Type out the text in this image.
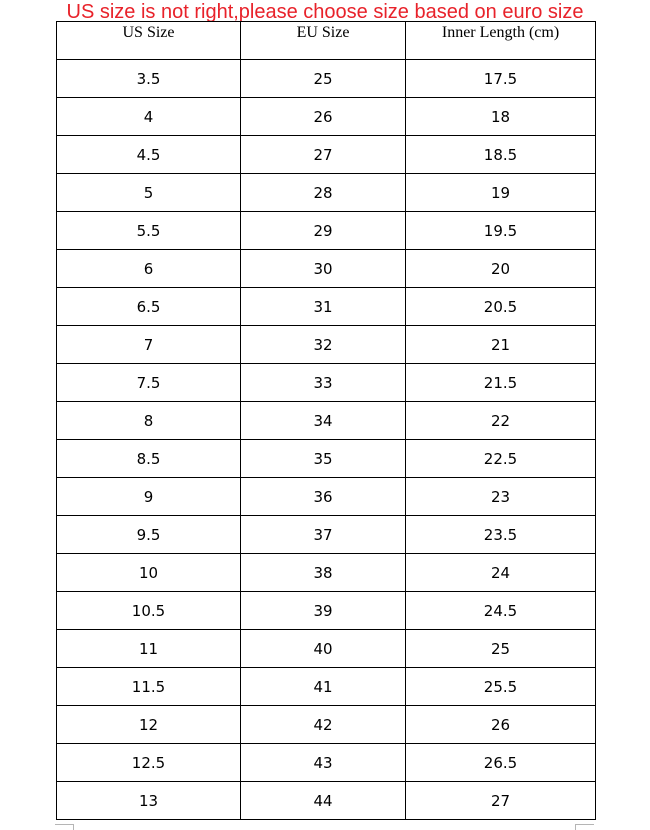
US size is not right,please choose size based on euro size
US Size	EU Size	Inner Length (cm)
3.5	25	17.5
4	26	18
4.5	27	18.5
5	28	19
5.5	29	19.5
6	30	20
6.5	31	20.5
7	32	21
7.5	33	21.5
8	34	22
8.5	35	22.5
9	36	23
9.5	37	23.5
10	38	24
10.5	39	24.5
11	40	25
11.5	41	25.5
12	42	26
12.5	43	26.5
13	44	27
